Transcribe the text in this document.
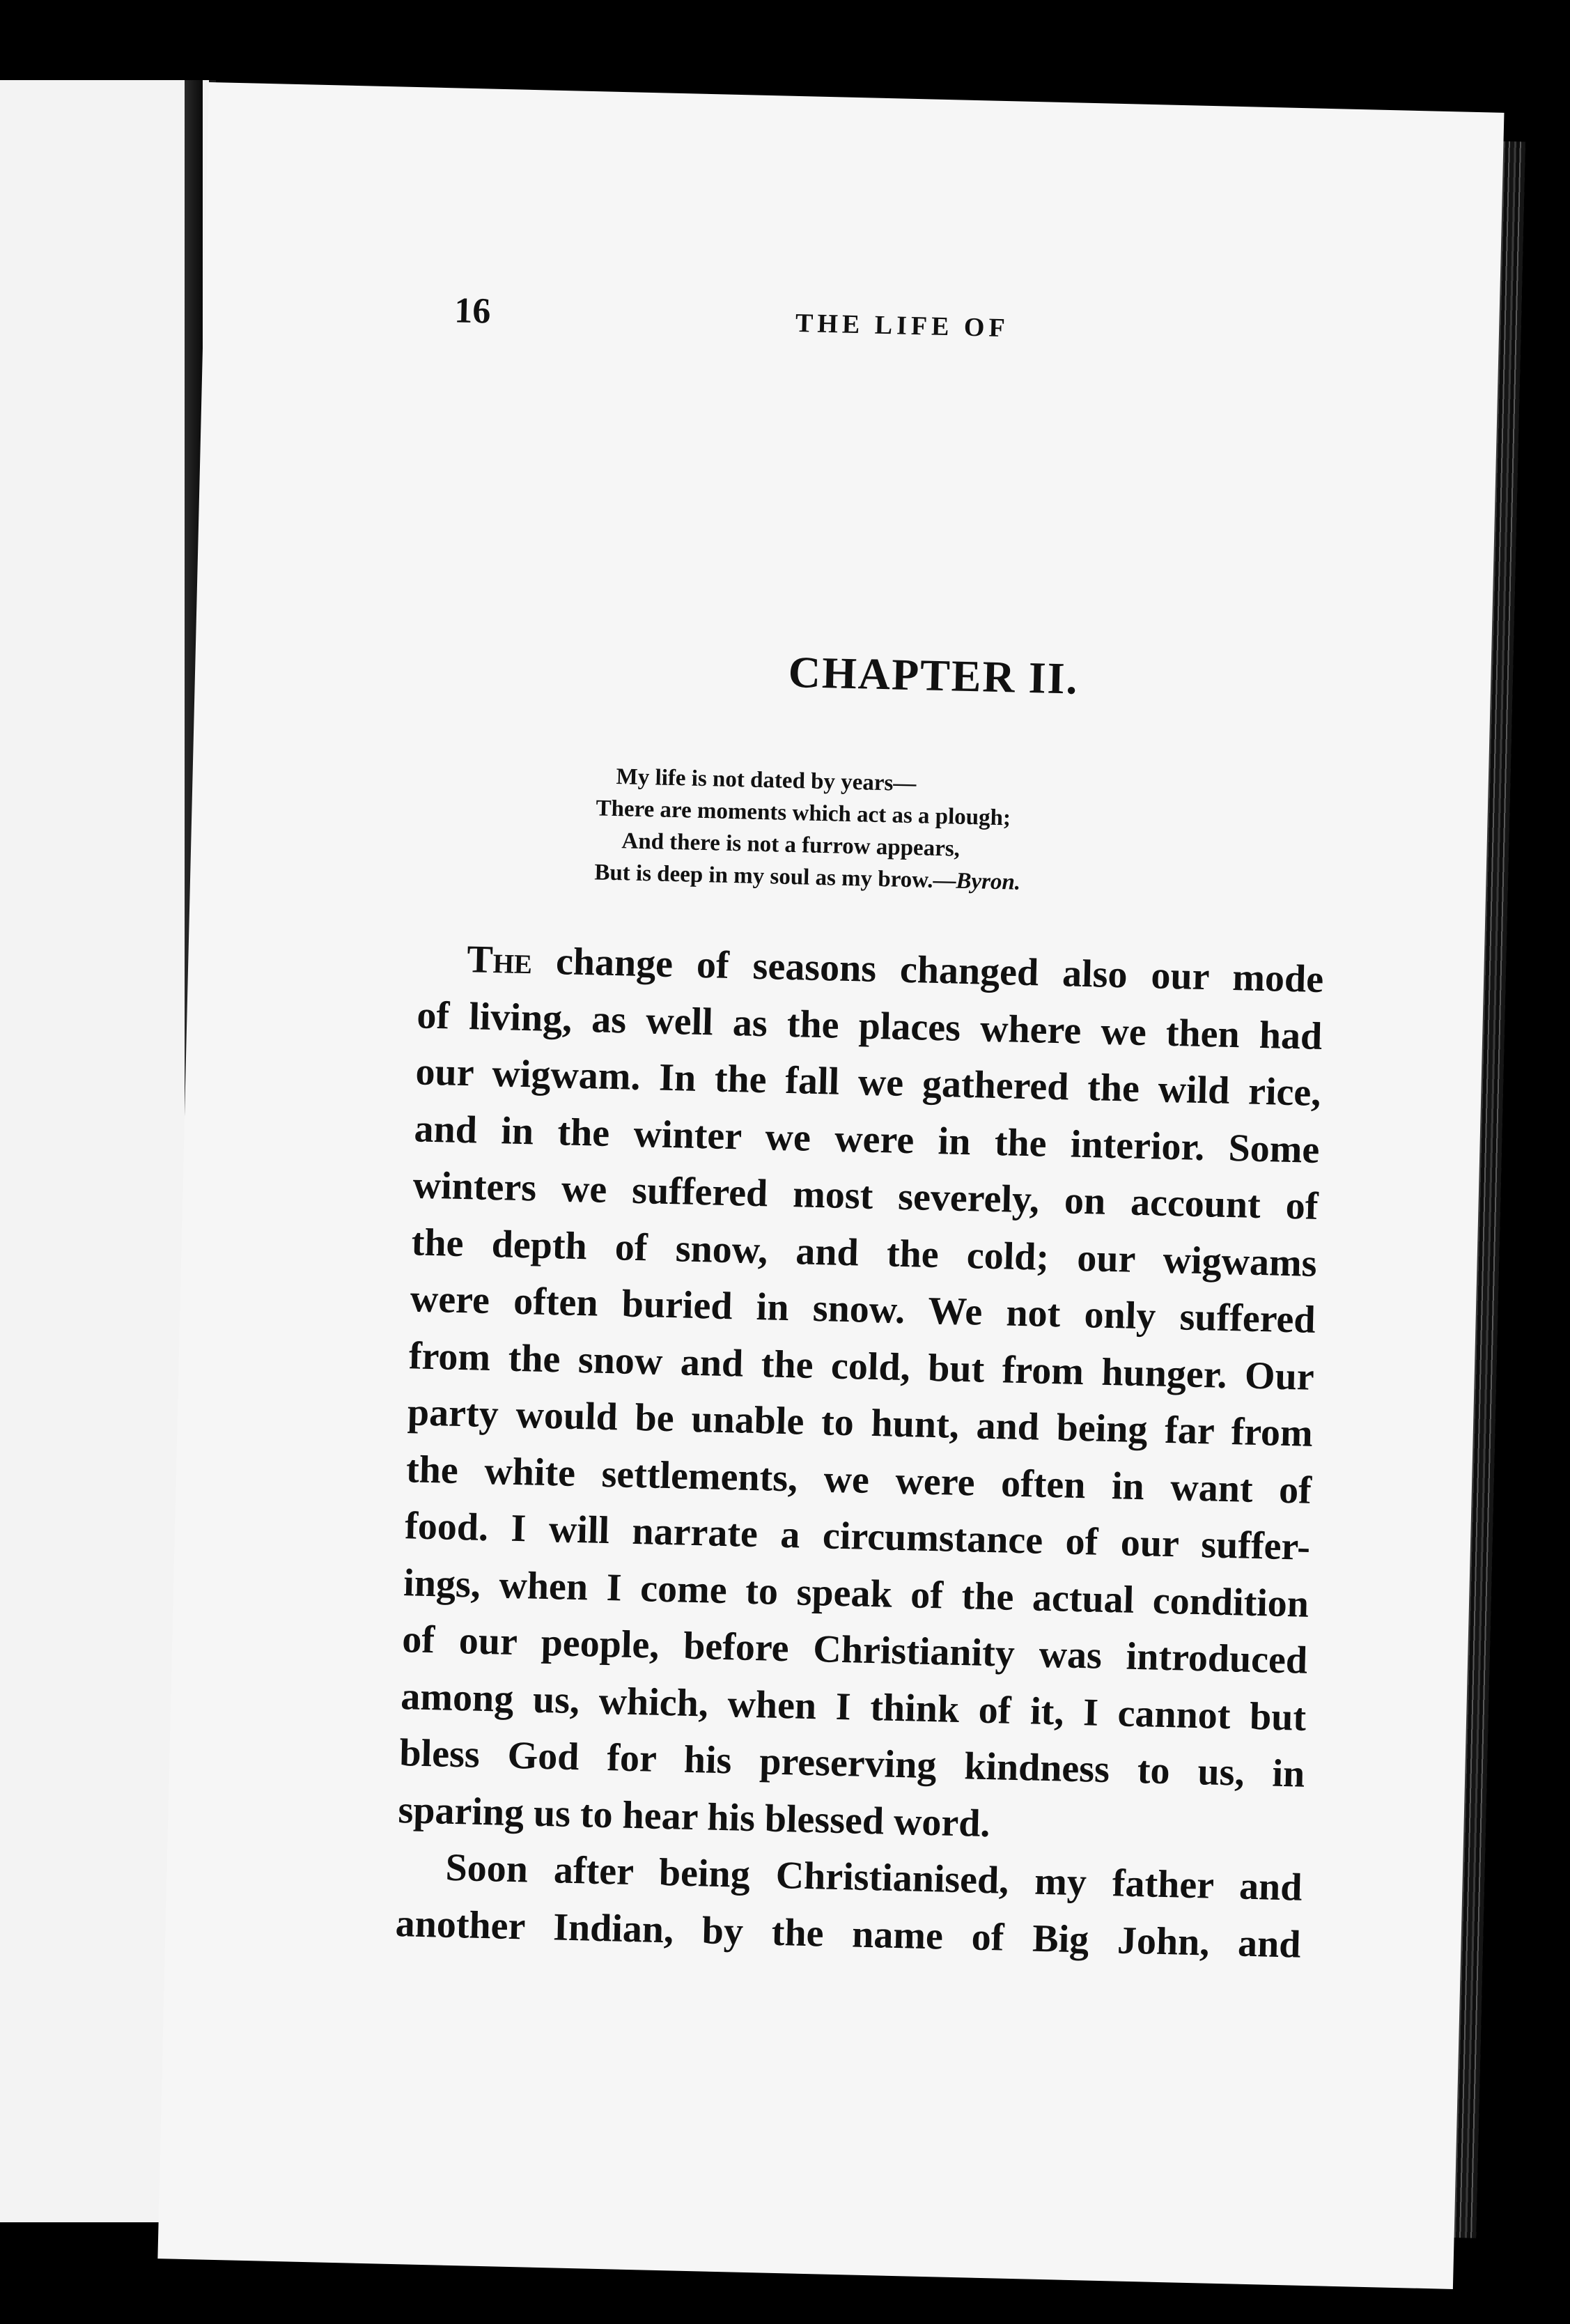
16	THE LIFE OF
CHAPTER II.
My life is not dated by years—
There are moments which act as a plough;
And there is not a furrow appears,
But is deep in my soul as my brow.—Byron.
The change of seasons changed also our mode
of living, as well as the places where we then had
our wigwam. In the fall we gathered the wild rice,
and in the winter we were in the interior. Some
winters we suffered most severely, on account of
the depth of snow, and the cold; our wigwams
were often buried in snow. We not only suffered
from the snow and the cold, but from hunger. Our
party would be unable to hunt, and being far from
the white settlements, we were often in want of
food. I will narrate a circumstance of our suffer-
ings, when I come to speak of the actual condition
of our people, before Christianity was introduced
among us, which, when I think of it, I cannot but
bless God for his preserving kindness to us, in
sparing us to hear his blessed word.
Soon after being Christianised, my father and
another Indian, by the name of Big John, and
